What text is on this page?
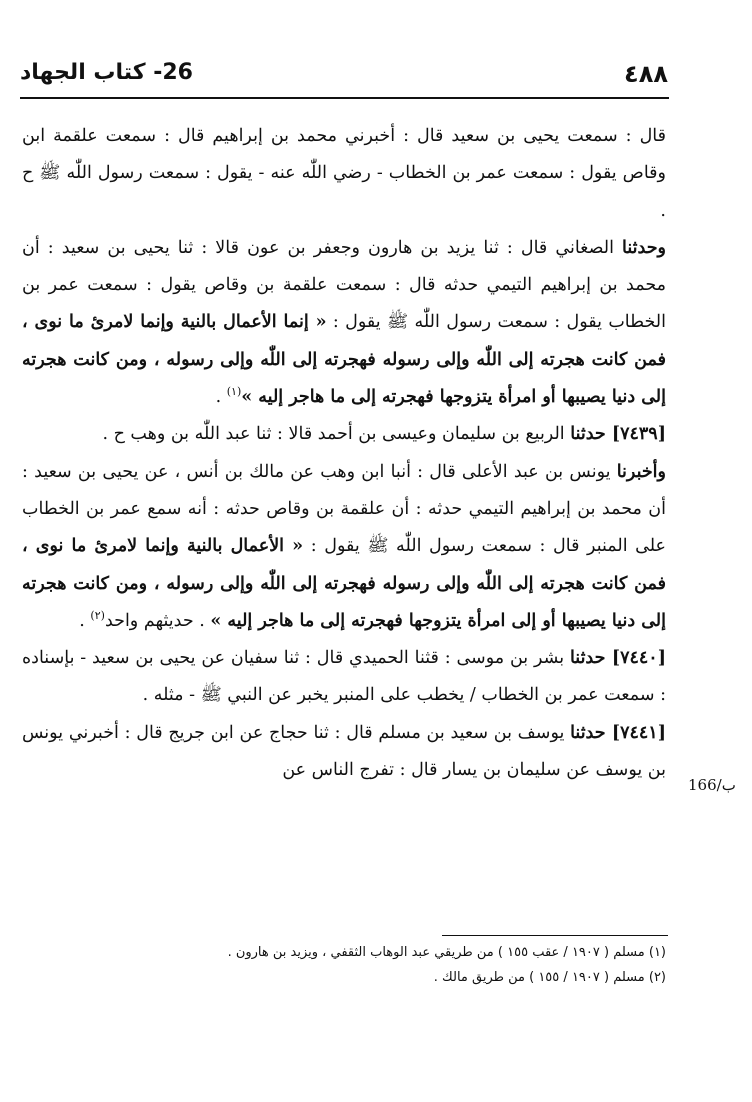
٤٨٨
26- كتاب الجهاد

قال : سمعت يحيى بن سعيد قال : أخبرني محمد بن إبراهيم قال : سمعت علقمة ابن وقاص يقول : سمعت عمر بن الخطاب - رضي اللّٰه عنه - يقول : سمعت رسول اللّٰه ﷺ ح .

وحدثنا الصغاني قال : ثنا يزيد بن هارون وجعفر بن عون قالا : ثنا يحيى بن سعيد : أن محمد بن إبراهيم التيمي حدثه قال : سمعت علقمة بن وقاص يقول : سمعت عمر بن الخطاب يقول : سمعت رسول اللّٰه ﷺ يقول : « إنما الأعمال بالنية وإنما لامرئ ما نوى ، فمن كانت هجرته إلى اللّٰه وإلى رسوله فهجرته إلى اللّٰه وإلى رسوله ، ومن كانت هجرته إلى دنيا يصيبها أو امرأة يتزوجها فهجرته إلى ما هاجر إليه »$^{(١)}$ .

[٧٤٣٩] حدثنا الربيع بن سليمان وعيسى بن أحمد قالا : ثنا عبد اللّٰه بن وهب ح .

وأخبرنا يونس بن عبد الأعلى قال : أنبا ابن وهب عن مالك بن أنس ، عن يحيى بن سعيد : أن محمد بن إبراهيم التيمي حدثه : أن علقمة بن وقاص حدثه : أنه سمع عمر بن الخطاب على المنبر قال : سمعت رسول اللّٰه ﷺ يقول : « الأعمال بالنية وإنما لامرئ ما نوى ، فمن كانت هجرته إلى اللّٰه وإلى رسوله فهجرته إلى اللّٰه وإلى رسوله ، ومن كانت هجرته إلى دنيا يصيبها أو إلى امرأة يتزوجها فهجرته إلى ما هاجر إليه » . حديثهم واحد$^{(٢)}$ .

[٧٤٤٠] حدثنا بشر بن موسى : قثنا الحميدي قال : ثنا سفيان عن يحيى بن سعيد - بإسناده : سمعت عمر بن الخطاب / يخطب على المنبر يخبر عن النبي ﷺ - مثله .

[٧٤٤١] حدثنا يوسف بن سعيد بن مسلم قال : ثنا حجاج عن ابن جريج قال : أخبرني يونس بن يوسف عن سليمان بن يسار قال : تفرج الناس عن

166/ب

(١) مسلم ( ١٩٠٧ / عقب ١٥٥ ) من طريقي عبد الوهاب الثقفي ، ويزيد بن هارون .

(٢) مسلم ( ١٩٠٧ / ١٥٥ ) من طريق مالك .
